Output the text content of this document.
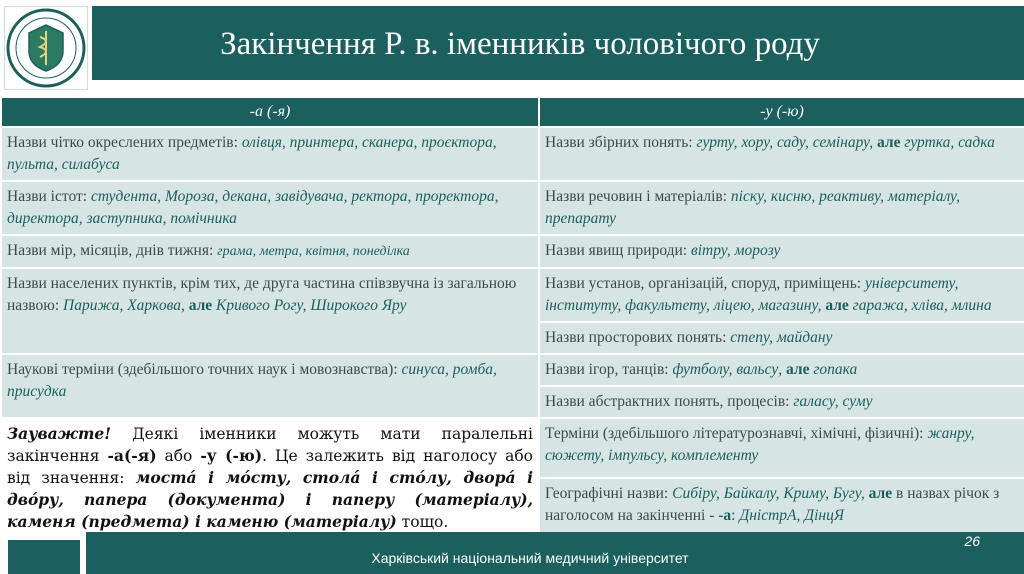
Закінчення Р. в. іменників чоловічого роду
-а (-я)	-у (-ю)
Назви чітко окреслених предметів: олівця, принтера, сканера, проєктора, пульта, силабуса	Назви збірних понять: гурту, хору, саду, семінару, але гуртка, садка
Назви істот: студента, Мороза, декана, завідувача, ректора, проректора, директора, заступника, помічника	Назви речовин і матеріалів: піску, кисню, реактиву, матеріалу, препарату
Назви мір, місяців, днів тижня: грама, метра, квітня, понеділка	Назви явищ природи: вітру, морозу
Назви населених пунктів, крім тих, де друга частина співзвучна із загальною назвою: Парижа, Харкова, але Кривого Рогу, Широкого Яру	Назви установ, організацій, споруд, приміщень: університету, інституту, факультету, ліцею, магазину, але гаража, хліва, млина
	Назви просторових понять: степу, майдану
Наукові терміни (здебільшого точних наук і мовознавства): синуса, ромба, присудка	Назви ігор, танців: футболу, вальсу, але гопака
	Назви абстрактних понять, процесів: галасу, суму
Зауважте! Деякі іменники можуть мати паралельні закінчення -а(-я) або -у (-ю). Це залежить від наголосу або від значення: мостá і мóсту, столá і стóлу, дворá і двóру, папера (документа) і паперу (матеріалу), каменя (предмета) і каменю (матеріалу) тощо.	Терміни (здебільшого літературознавчі, хімічні, фізичні): жанру, сюжету, імпульсу, комплементу
	Географічні назви: Сибіру, Байкалу, Криму, Бугу, але в назвах річок з наголосом на закінченні - -а: ДністрА, ДінцЯ
26
Харківський національний медичний університет
